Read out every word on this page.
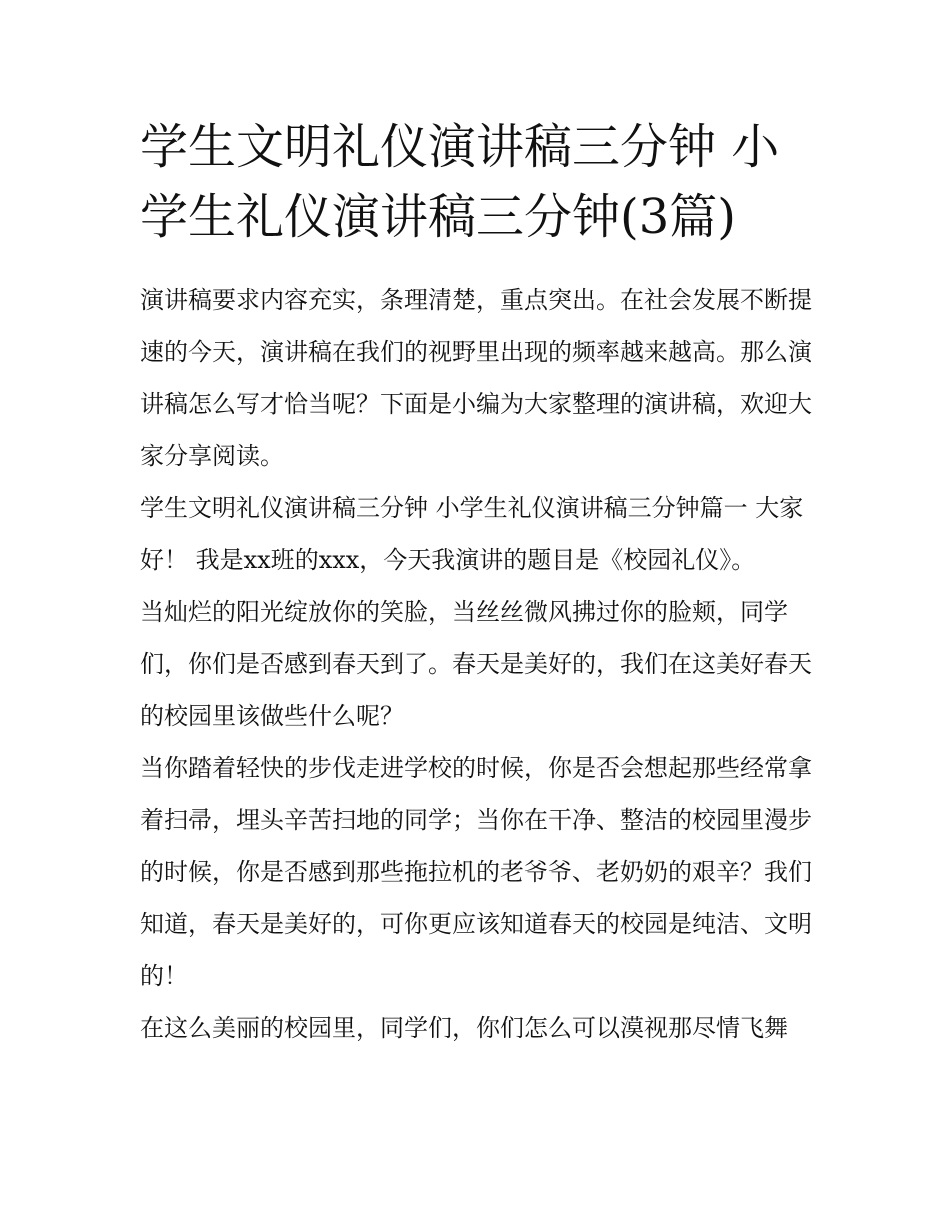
学生文明礼仪演讲稿三分钟 小学生礼仪演讲稿三分钟(3篇)

演讲稿要求内容充实，条理清楚，重点突出。在社会发展不断提速的今天，演讲稿在我们的视野里出现的频率越来越高。那么演讲稿怎么写才恰当呢？下面是小编为大家整理的演讲稿，欢迎大家分享阅读。

学生文明礼仪演讲稿三分钟 小学生礼仪演讲稿三分钟篇一 大家好！ 我是xx班的xxx，今天我演讲的题目是《校园礼仪》。

当灿烂的阳光绽放你的笑脸，当丝丝微风拂过你的脸颊，同学们，你们是否感到春天到了。春天是美好的，我们在这美好春天的校园里该做些什么呢？

当你踏着轻快的步伐走进学校的时候，你是否会想起那些经常拿着扫帚，埋头辛苦扫地的同学；当你在干净、整洁的校园里漫步的时候，你是否感到那些拖拉机的老爷爷、老奶奶的艰辛？我们知道，春天是美好的，可你更应该知道春天的校园是纯洁、文明的！

在这么美丽的校园里，同学们，你们怎么可以漠视那尽情飞舞
